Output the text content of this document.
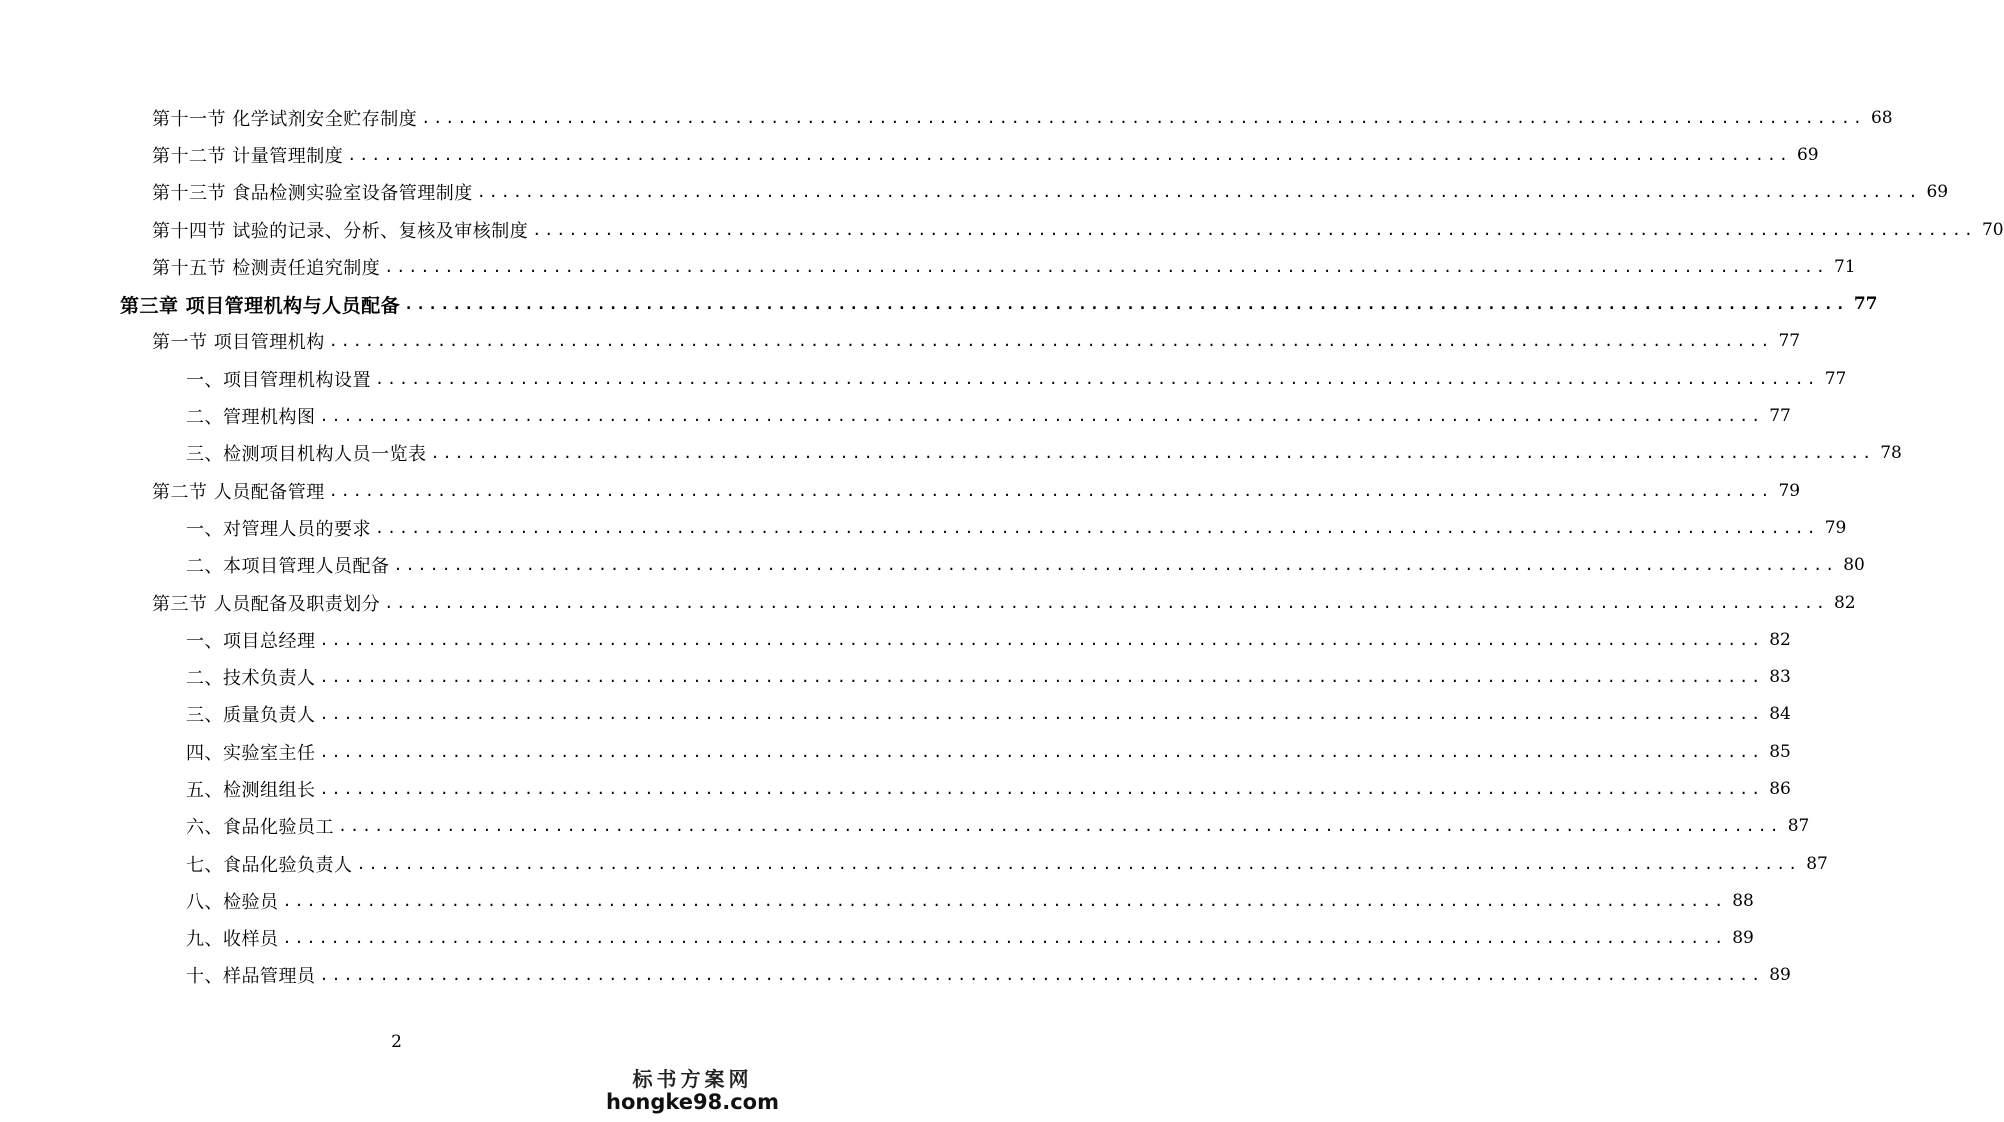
第十一节 化学试剂安全贮存制度 ........................................................................................................................ 68
第十二节 计量管理制度 ........................................................................................................................ 69
第十三节 食品检测实验室设备管理制度 ........................................................................................................................ 69
第十四节 试验的记录、分析、复核及审核制度 ........................................................................................................................ 70
第十五节 检测责任追究制度 ........................................................................................................................ 71
第三章 项目管理机构与人员配备 ........................................................................................................................ 77
第一节 项目管理机构 ........................................................................................................................ 77
一、项目管理机构设置 ........................................................................................................................ 77
二、管理机构图 ........................................................................................................................ 77
三、检测项目机构人员一览表 ........................................................................................................................ 78
第二节 人员配备管理 ........................................................................................................................ 79
一、对管理人员的要求 ........................................................................................................................ 79
二、本项目管理人员配备 ........................................................................................................................ 80
第三节 人员配备及职责划分 ........................................................................................................................ 82
一、项目总经理 ........................................................................................................................ 82
二、技术负责人 ........................................................................................................................ 83
三、质量负责人 ........................................................................................................................ 84
四、实验室主任 ........................................................................................................................ 85
五、检测组组长 ........................................................................................................................ 86
六、食品化验员工 ........................................................................................................................ 87
七、食品化验负责人 ........................................................................................................................ 87
八、检验员 ........................................................................................................................ 88
九、收样员 ........................................................................................................................ 89
十、样品管理员 ........................................................................................................................ 89
2
标书方案网
hongke98.com
